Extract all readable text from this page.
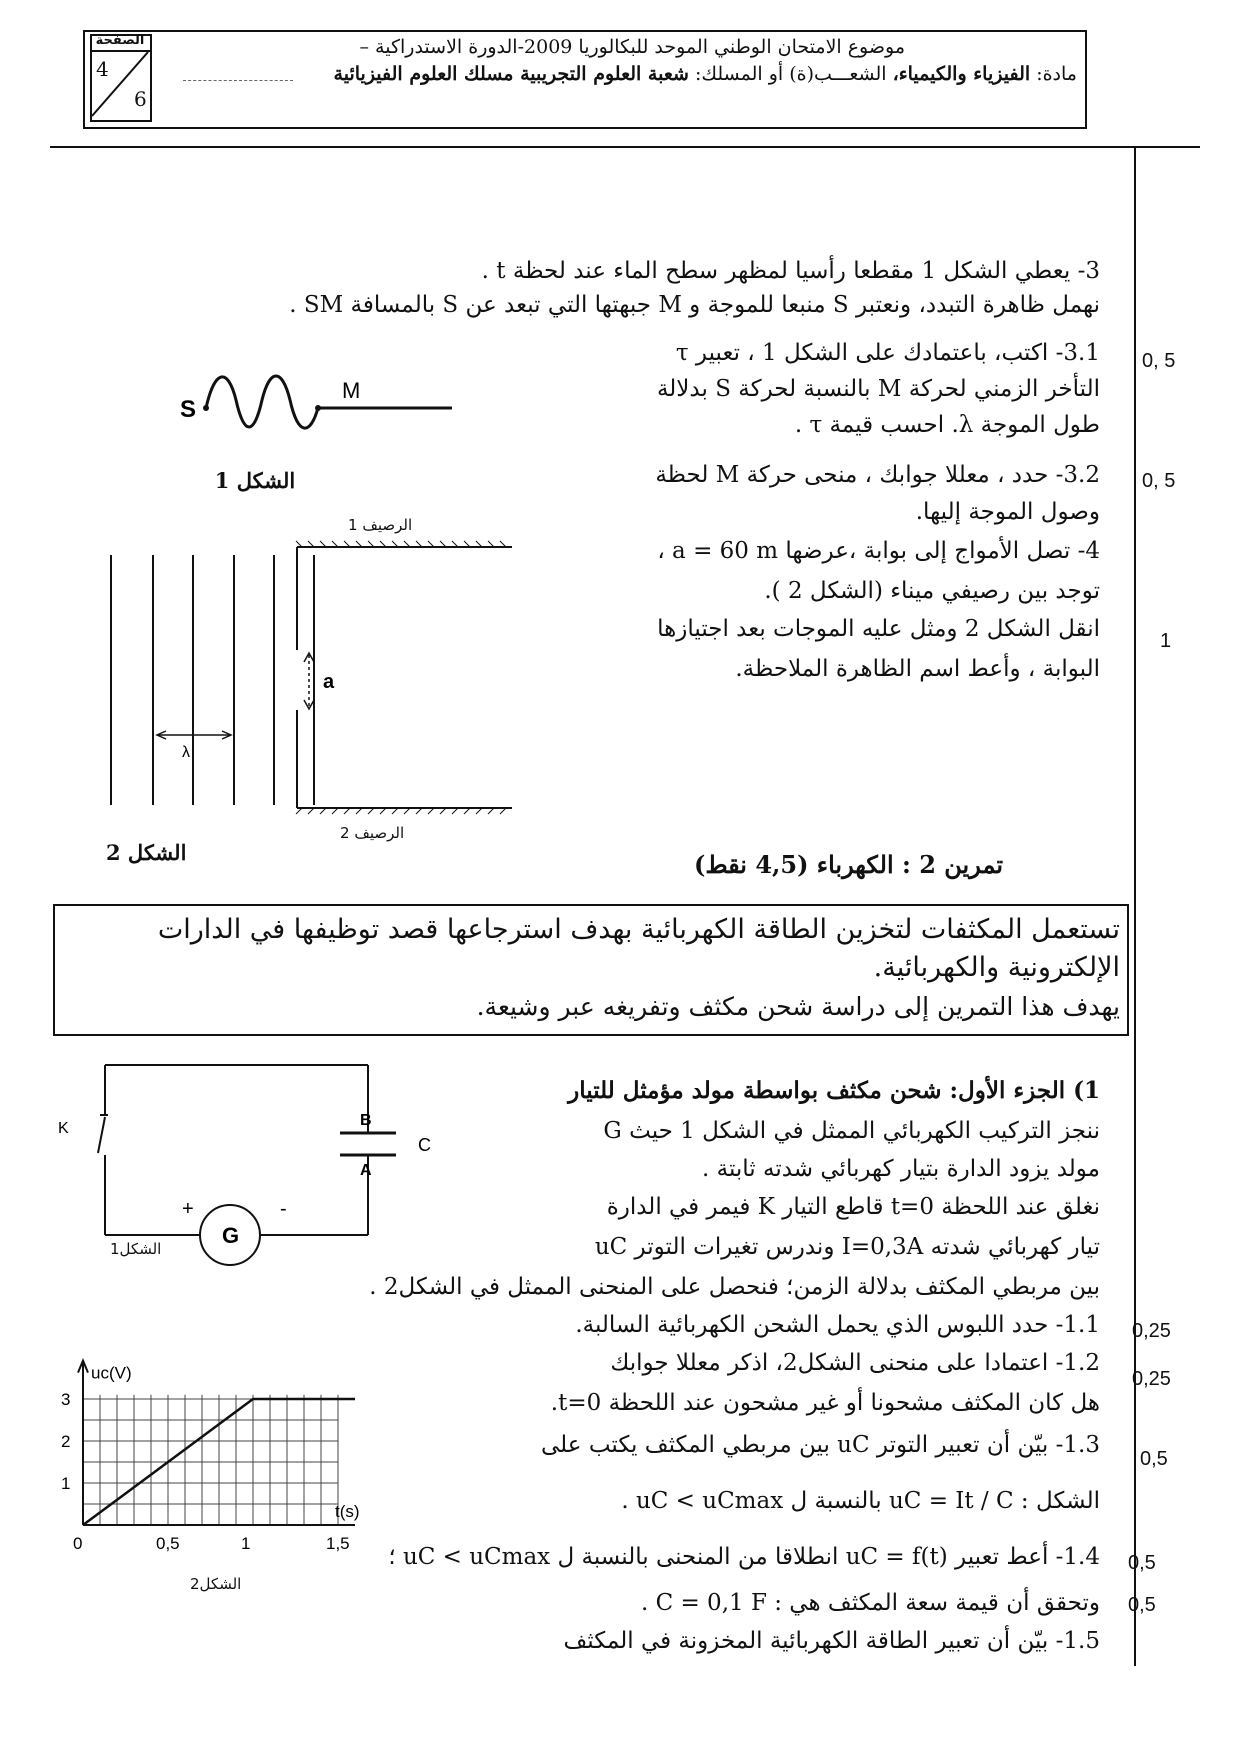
الصفحة
4
6
موضوع الامتحان الوطني الموحد للبكالوريا 2009-الدورة الاستدراكية –
مادة: الفيزياء والكيمياء، الشعـــب(ة) أو المسلك: شعبة العلوم التجريبية مسلك العلوم الفيزيائية
3- يعطي الشكل 1 مقطعا رأسيا لمظهر سطح الماء عند لحظة t .
نهمل ظاهرة التبدد، ونعتبر S منبعا للموجة و M جبهتها التي تبعد عن S بالمسافة SM .
3.1- اكتب، باعتمادك على الشكل 1 ، تعبير τ
التأخر الزمني لحركة M بالنسبة لحركة S بدلالة
طول الموجة λ. احسب قيمة τ .
3.2- حدد ، معللا جوابك ، منحى حركة M لحظة
وصول الموجة إليها.
4- تصل الأمواج إلى بوابة ،عرضها a = 60 m ،
توجد بين رصيفي ميناء (الشكل 2 ).
انقل الشكل 2 ومثل عليه الموجات بعد اجتيازها
البوابة ، وأعط اسم الظاهرة الملاحظة.
0, 5
0, 5
1
S
M
الشكل 1
a
λ
الرصيف 1
الرصيف 2
الشكل 2	تمرين 2 : الكهرباء (4,5 نقط)
تستعمل المكثفات لتخزين الطاقة الكهربائية بهدف استرجاعها قصد توظيفها في الدارات
الإلكترونية والكهربائية.
يهدف هذا التمرين إلى دراسة شحن مكثف وتفريغه عبر وشيعة.
1) الجزء الأول: شحن مكثف بواسطة مولد مؤمثل للتيار
ننجز التركيب الكهربائي الممثل في الشكل 1 حيث G
مولد يزود الدارة بتيار كهربائي شدته ثابتة .
نغلق عند اللحظة t=0 قاطع التيار K فيمر في الدارة
تيار كهربائي شدته I=0,3A وندرس تغيرات التوتر uC
بين مربطي المكثف بدلالة الزمن؛ فنحصل على المنحنى الممثل في الشكل2 .
1.1- حدد اللبوس الذي يحمل الشحن الكهربائية السالبة.
1.2- اعتمادا على منحنى الشكل2، اذكر معللا جوابك
هل كان المكثف مشحونا أو غير مشحون عند اللحظة t=0.
1.3- بيّن أن تعبير التوتر uC بين مربطي المكثف يكتب على
الشكل : uC = It / C بالنسبة ل uC < uCmax .
1.4- أعط تعبير uC = f(t) انطلاقا من المنحنى بالنسبة ل uC < uCmax ؛
وتحقق أن قيمة سعة المكثف هي : C = 0,1 F .
1.5- بيّن أن تعبير الطاقة الكهربائية المخزونة في المكثف
0,25
0,25
0,5
0,5
0,5
K	B
A
C
G
+	-
الشكل1
uc(V)
t(s)
0	0,5	1	1,5
1
2
3
الشكل2
